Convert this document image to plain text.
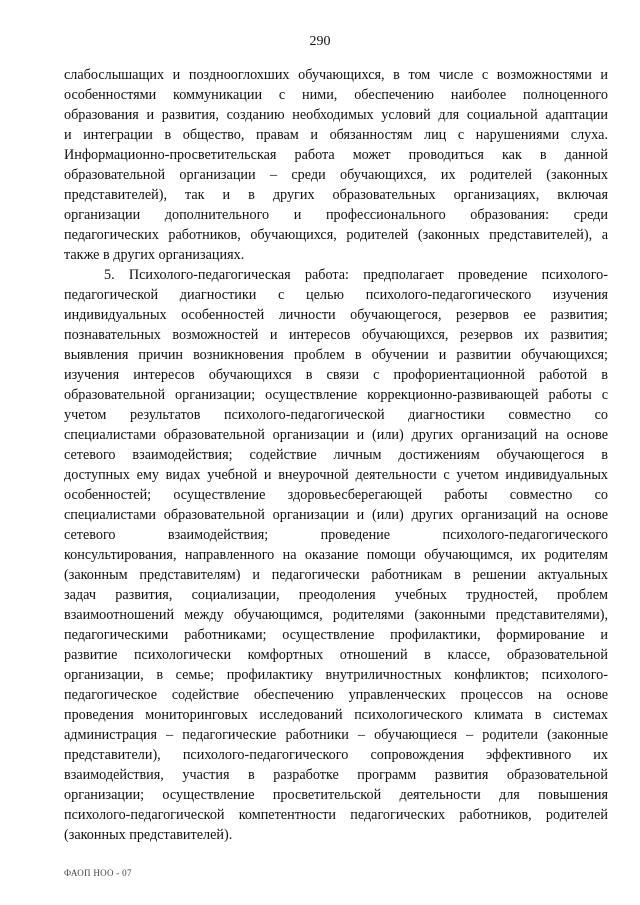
290
слабослышащих и позднооглохших обучающихся, в том числе с возможностями и
особенностями коммуникации с ними, обеспечению наиболее полноценного
образования и развития, созданию необходимых условий для социальной адаптации
и интеграции в общество, правам и обязанностям лиц с нарушениями слуха.
Информационно-просветительская работа может проводиться как в данной
образовательной организации – среди обучающихся, их родителей (законных
представителей), так и в других образовательных организациях, включая
организации дополнительного и профессионального образования: среди
педагогических работников, обучающихся, родителей (законных представителей), а
также в других организациях.
5. Психолого-педагогическая работа: предполагает проведение психолого-
педагогической диагностики с целью психолого-педагогического изучения
индивидуальных особенностей личности обучающегося, резервов ее развития;
познавательных возможностей и интересов обучающихся, резервов их развития;
выявления причин возникновения проблем в обучении и развитии обучающихся;
изучения интересов обучающихся в связи с профориентационной работой в
образовательной организации; осуществление коррекционно-развивающей работы с
учетом результатов психолого-педагогической диагностики совместно со
специалистами образовательной организации и (или) других организаций на основе
сетевого взаимодействия; содействие личным достижениям обучающегося в
доступных ему видах учебной и внеурочной деятельности с учетом индивидуальных
особенностей; осуществление здоровьесберегающей работы совместно со
специалистами образовательной организации и (или) других организаций на основе
сетевого взаимодействия; проведение психолого-педагогического
консультирования, направленного на оказание помощи обучающимся, их родителям
(законным представителям) и педагогически работникам в решении актуальных
задач развития, социализации, преодоления учебных трудностей, проблем
взаимоотношений между обучающимся, родителями (законными представителями),
педагогическими работниками; осуществление профилактики, формирование и
развитие психологически комфортных отношений в классе, образовательной
организации, в семье; профилактику внутриличностных конфликтов; психолого-
педагогическое содействие обеспечению управленческих процессов на основе
проведения мониторинговых исследований психологического климата в системах
администрация – педагогические работники – обучающиеся – родители (законные
представители), психолого-педагогического сопровождения эффективного их
взаимодействия, участия в разработке программ развития образовательной
организации; осуществление просветительской деятельности для повышения
психолого-педагогической компетентности педагогических работников, родителей
(законных представителей).
ФАОП НОО - 07
